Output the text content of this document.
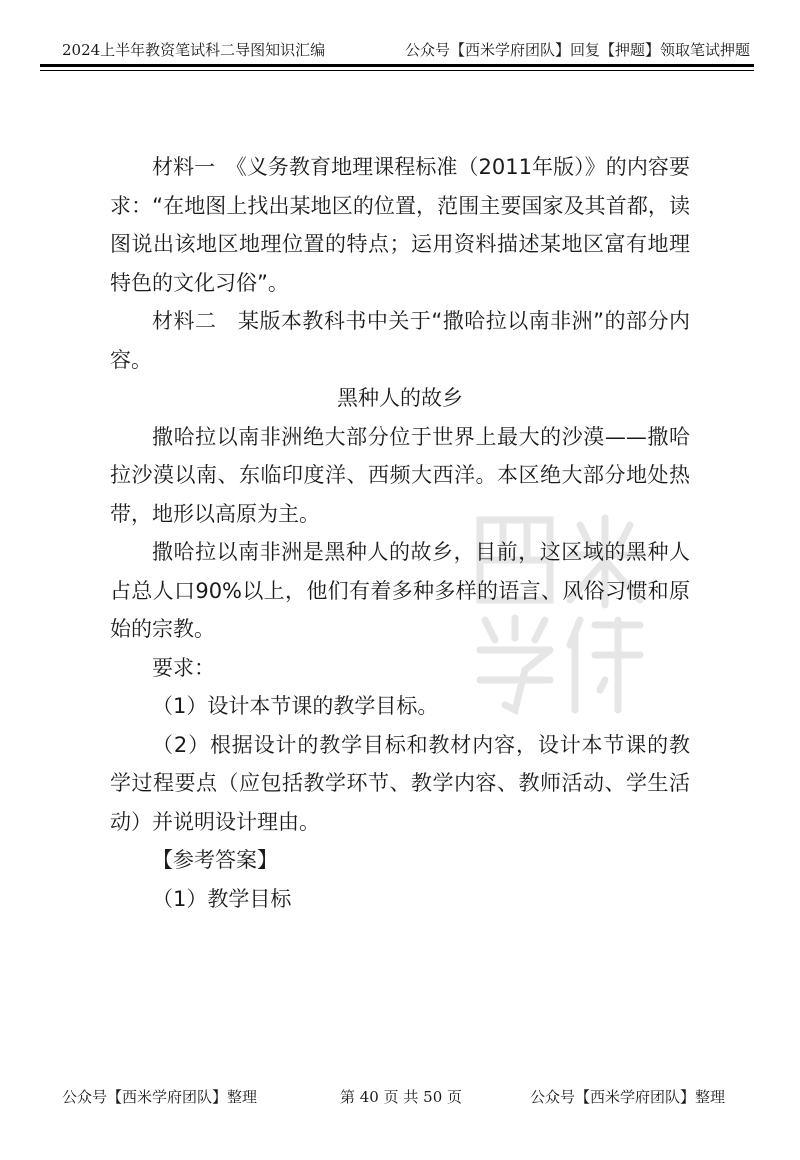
2024上半年教资笔试科二导图知识汇编	公众号【西米学府团队】回复【押题】领取笔试押题

材料一　《义务教育地理课程标准（2011年版）》的内容要求：“在地图上找出某地区的位置，范围主要国家及其首都，读图说出该地区地理位置的特点；运用资料描述某地区富有地理特色的文化习俗”。

材料二　某版本教科书中关于“撒哈拉以南非洲”的部分内容。

黑种人的故乡

撒哈拉以南非洲绝大部分位于世界上最大的沙漠——撒哈拉沙漠以南、东临印度洋、西频大西洋。本区绝大部分地处热带，地形以高原为主。

撒哈拉以南非洲是黑种人的故乡，目前，这区域的黑种人占总人口90%以上，他们有着多种多样的语言、风俗习惯和原始的宗教。

要求：

（1）设计本节课的教学目标。

（2）根据设计的教学目标和教材内容，设计本节课的教学过程要点（应包括教学环节、教学内容、教师活动、学生活动）并说明设计理由。

【参考答案】

（1）教学目标

公众号【西米学府团队】整理	第 40 页 共 50 页	公众号【西米学府团队】整理
